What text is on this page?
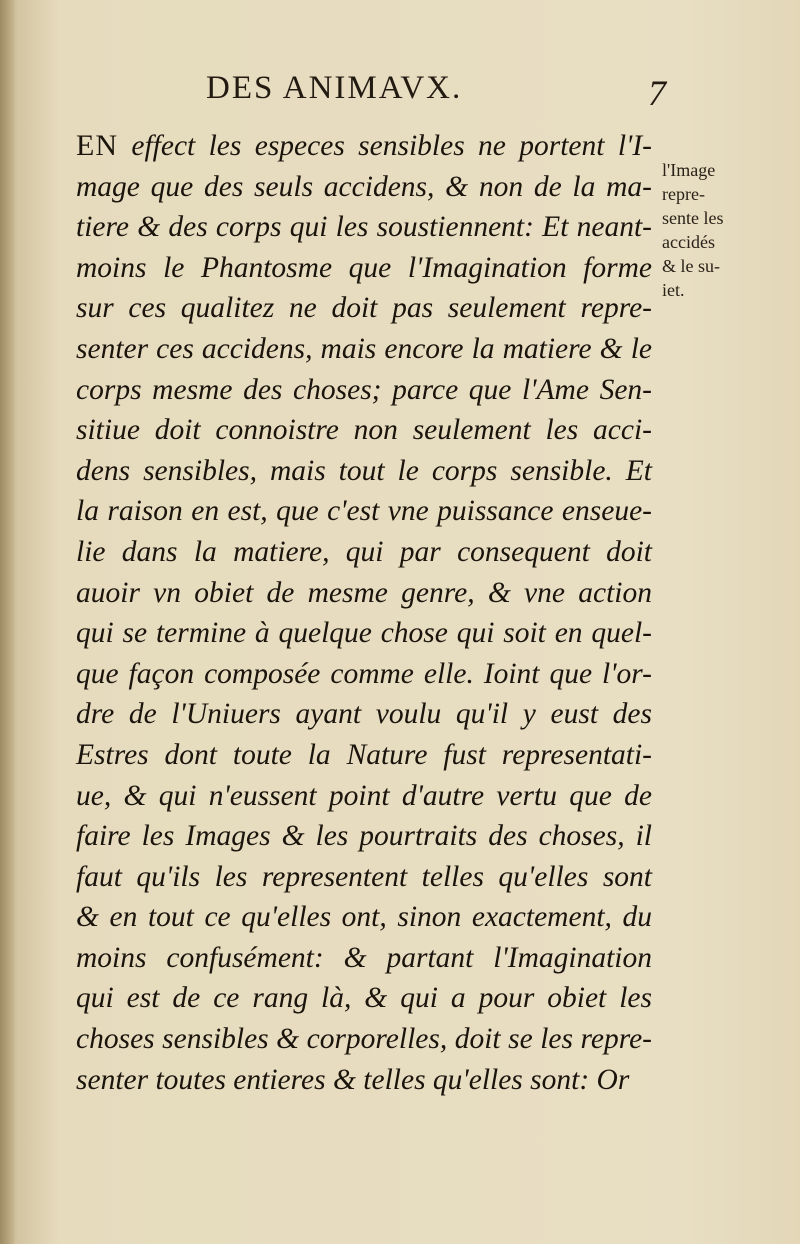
DES ANIMAVX.	7
EN effect les especes sensibles ne portent l'I-
mage que des seuls accidens, & non de la ma-
tiere & des corps qui les soustiennent: Et neant-
moins le Phantosme que l'Imagination forme
sur ces qualitez ne doit pas seulement repre-
senter ces accidens, mais encore la matiere & le
corps mesme des choses; parce que l'Ame Sen-
sitiue doit connoistre non seulement les acci-
dens sensibles, mais tout le corps sensible. Et
la raison en est, que c'est vne puissance enseue-
lie dans la matiere, qui par consequent doit
auoir vn obiet de mesme genre, & vne action
qui se termine à quelque chose qui soit en quel-
que façon composée comme elle. Ioint que l'or-
dre de l'Uniuers ayant voulu qu'il y eust des
Estres dont toute la Nature fust representati-
ue, & qui n'eussent point d'autre vertu que de
faire les Images & les pourtraits des choses, il
faut qu'ils les representent telles qu'elles sont
& en tout ce qu'elles ont, sinon exactement, du
moins confusément: & partant l'Imagination
qui est de ce rang là, & qui a pour obiet les
choses sensibles & corporelles, doit se les repre-
senter toutes entieres & telles qu'elles sont: Or
l'Image
repre-
sente les
accidés
& le su-
iet.
